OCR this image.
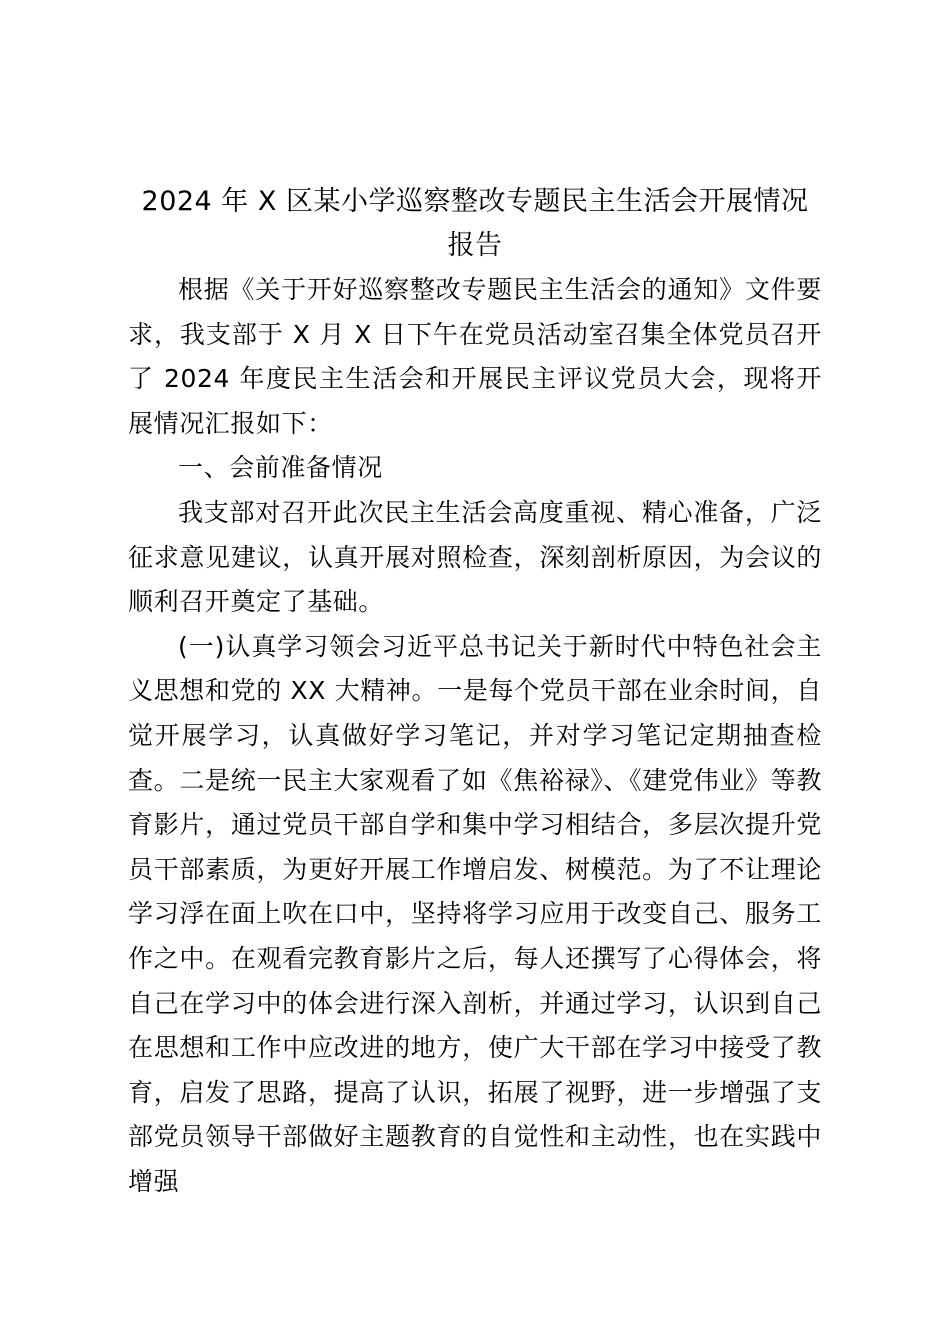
2024 年 X 区某小学巡察整改专题民主生活会开展情况报告

根据《关于开好巡察整改专题民主生活会的通知》文件要求，我支部于 X 月 X 日下午在党员活动室召集全体党员召开了 2024 年度民主生活会和开展民主评议党员大会，现将开展情况汇报如下：

一、会前准备情况

我支部对召开此次民主生活会高度重视、精心准备，广泛征求意见建议，认真开展对照检查，深刻剖析原因，为会议的顺利召开奠定了基础。

(一)认真学习领会习近平总书记关于新时代中特色社会主义思想和党的 XX 大精神。一是每个党员干部在业余时间，自觉开展学习，认真做好学习笔记，并对学习笔记定期抽查检查。二是统一民主大家观看了如《焦裕禄》、《建党伟业》等教育影片，通过党员干部自学和集中学习相结合，多层次提升党员干部素质，为更好开展工作增启发、树模范。为了不让理论学习浮在面上吹在口中，坚持将学习应用于改变自己、服务工作之中。在观看完教育影片之后，每人还撰写了心得体会，将自己在学习中的体会进行深入剖析，并通过学习，认识到自己在思想和工作中应改进的地方，使广大干部在学习中接受了教育，启发了思路，提高了认识，拓展了视野，进一步增强了支部党员领导干部做好主题教育的自觉性和主动性，也在实践中增强
